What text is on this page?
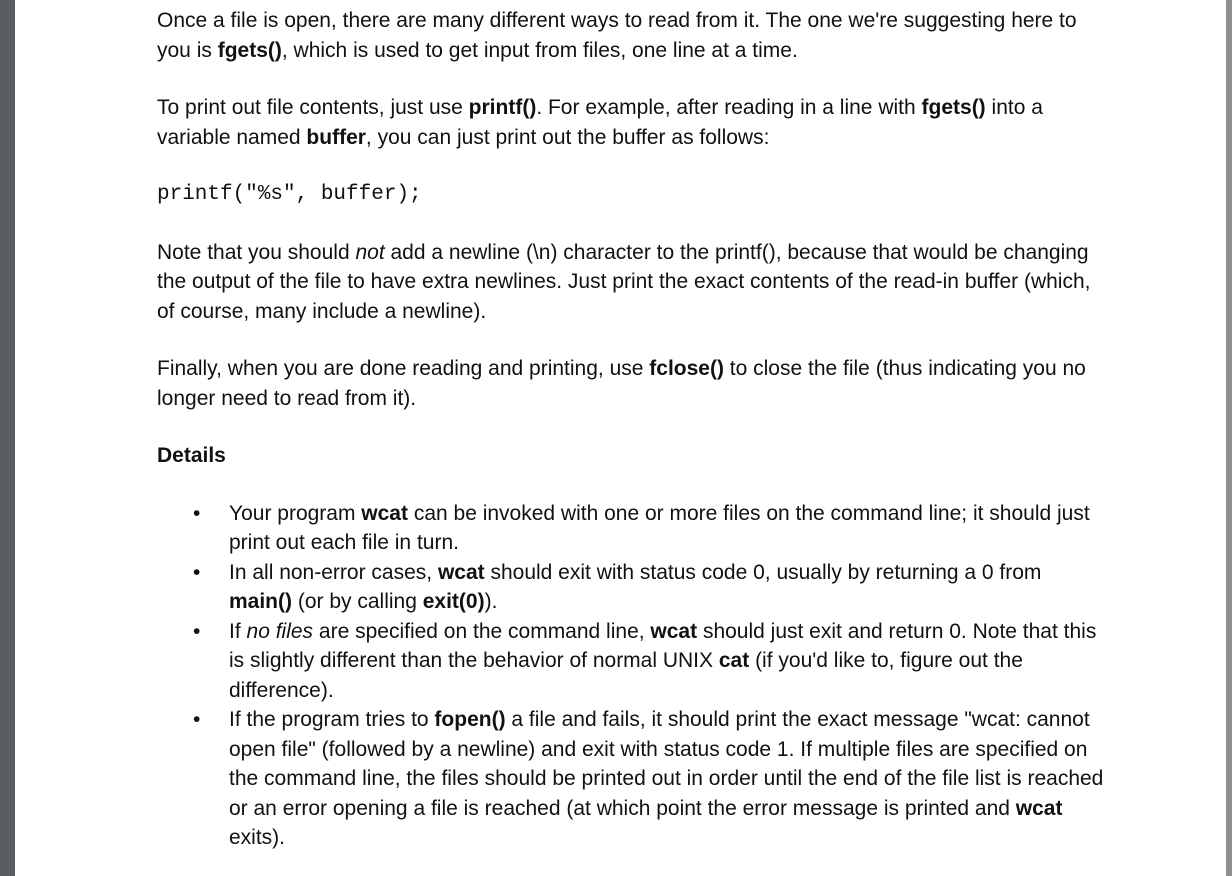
Once a file is open, there are many different ways to read from it. The one we're suggesting here to you is fgets(), which is used to get input from files, one line at a time.

To print out file contents, just use printf(). For example, after reading in a line with fgets() into a variable named buffer, you can just print out the buffer as follows:

printf("%s", buffer);

Note that you should not add a newline (\n) character to the printf(), because that would be changing the output of the file to have extra newlines. Just print the exact contents of the read-in buffer (which, of course, many include a newline).

Finally, when you are done reading and printing, use fclose() to close the file (thus indicating you no longer need to read from it).

Details
• Your program wcat can be invoked with one or more files on the command line; it should just print out each file in turn.
• In all non-error cases, wcat should exit with status code 0, usually by returning a 0 from main() (or by calling exit(0)).
• If no files are specified on the command line, wcat should just exit and return 0. Note that this is slightly different than the behavior of normal UNIX cat (if you'd like to, figure out the difference).
• If the program tries to fopen() a file and fails, it should print the exact message "wcat: cannot open file" (followed by a newline) and exit with status code 1. If multiple files are specified on the command line, the files should be printed out in order until the end of the file list is reached or an error opening a file is reached (at which point the error message is printed and wcat exits).
